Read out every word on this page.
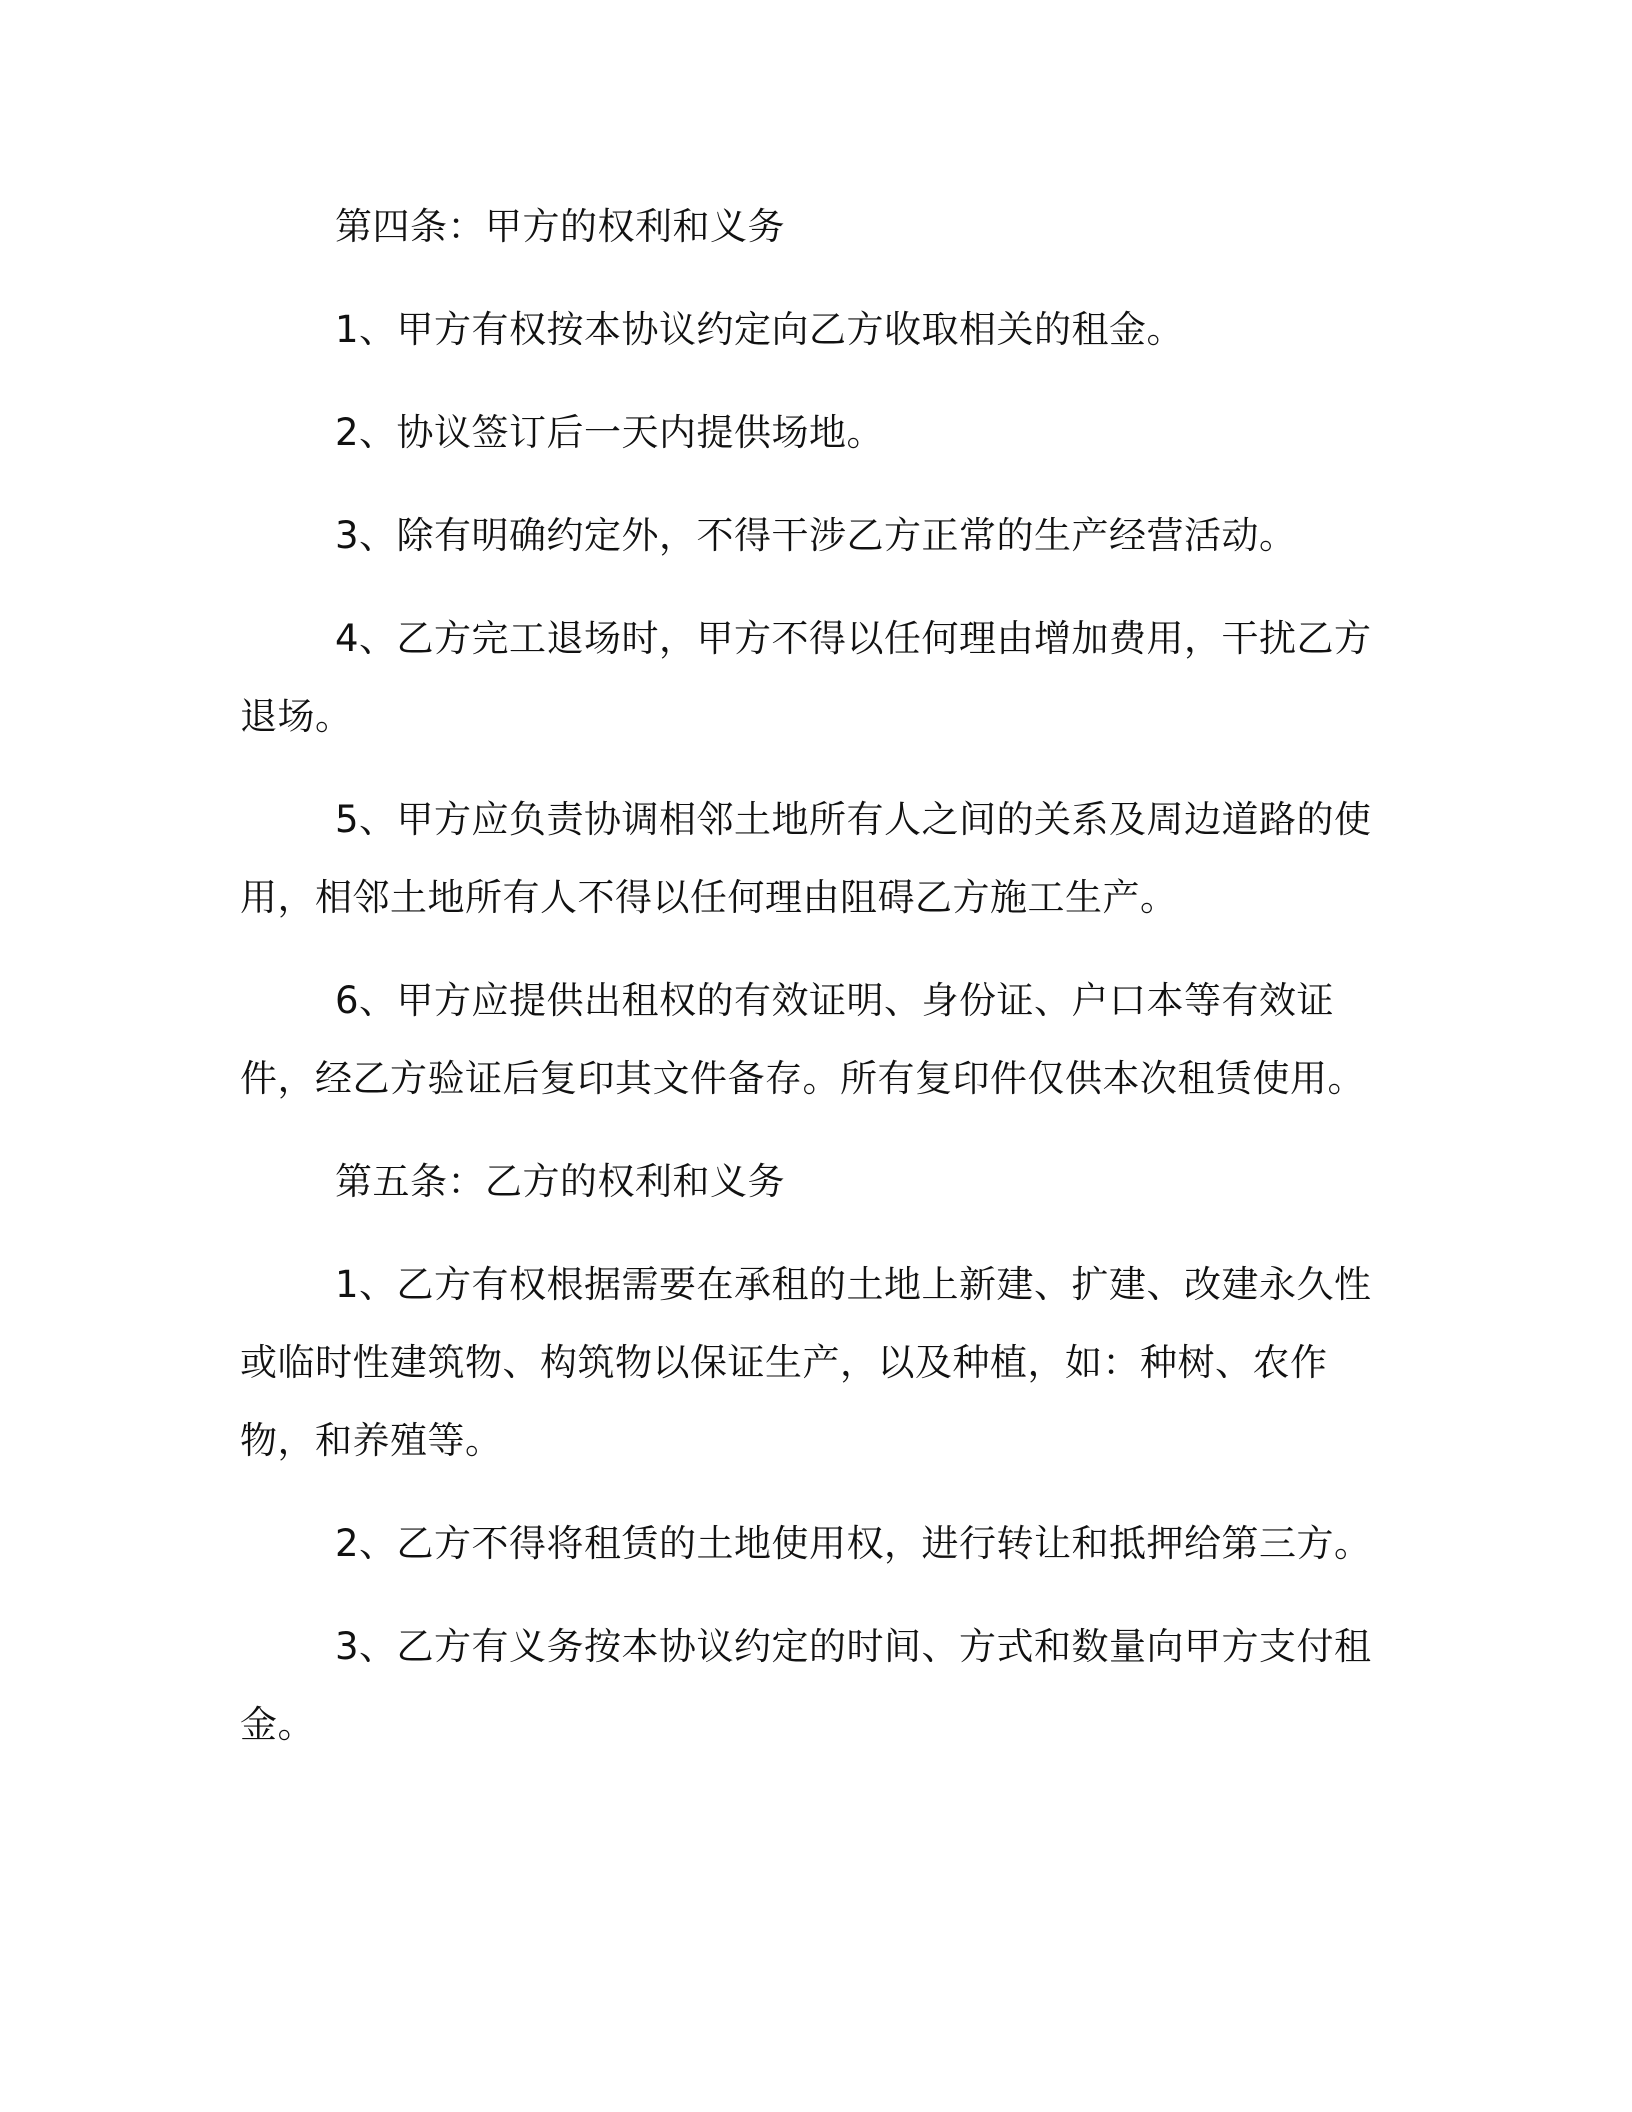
第四条：甲方的权利和义务

1、甲方有权按本协议约定向乙方收取相关的租金。

2、协议签订后一天内提供场地。

3、除有明确约定外，不得干涉乙方正常的生产经营活动。

4、乙方完工退场时，甲方不得以任何理由增加费用，干扰乙方退场。

5、甲方应负责协调相邻土地所有人之间的关系及周边道路的使用，相邻土地所有人不得以任何理由阻碍乙方施工生产。

6、甲方应提供出租权的有效证明、身份证、户口本等有效证件，经乙方验证后复印其文件备存。所有复印件仅供本次租赁使用。

第五条：乙方的权利和义务

1、乙方有权根据需要在承租的土地上新建、扩建、改建永久性或临时性建筑物、构筑物以保证生产，以及种植，如：种树、农作物，和养殖等。

2、乙方不得将租赁的土地使用权，进行转让和抵押给第三方。

3、乙方有义务按本协议约定的时间、方式和数量向甲方支付租金。
